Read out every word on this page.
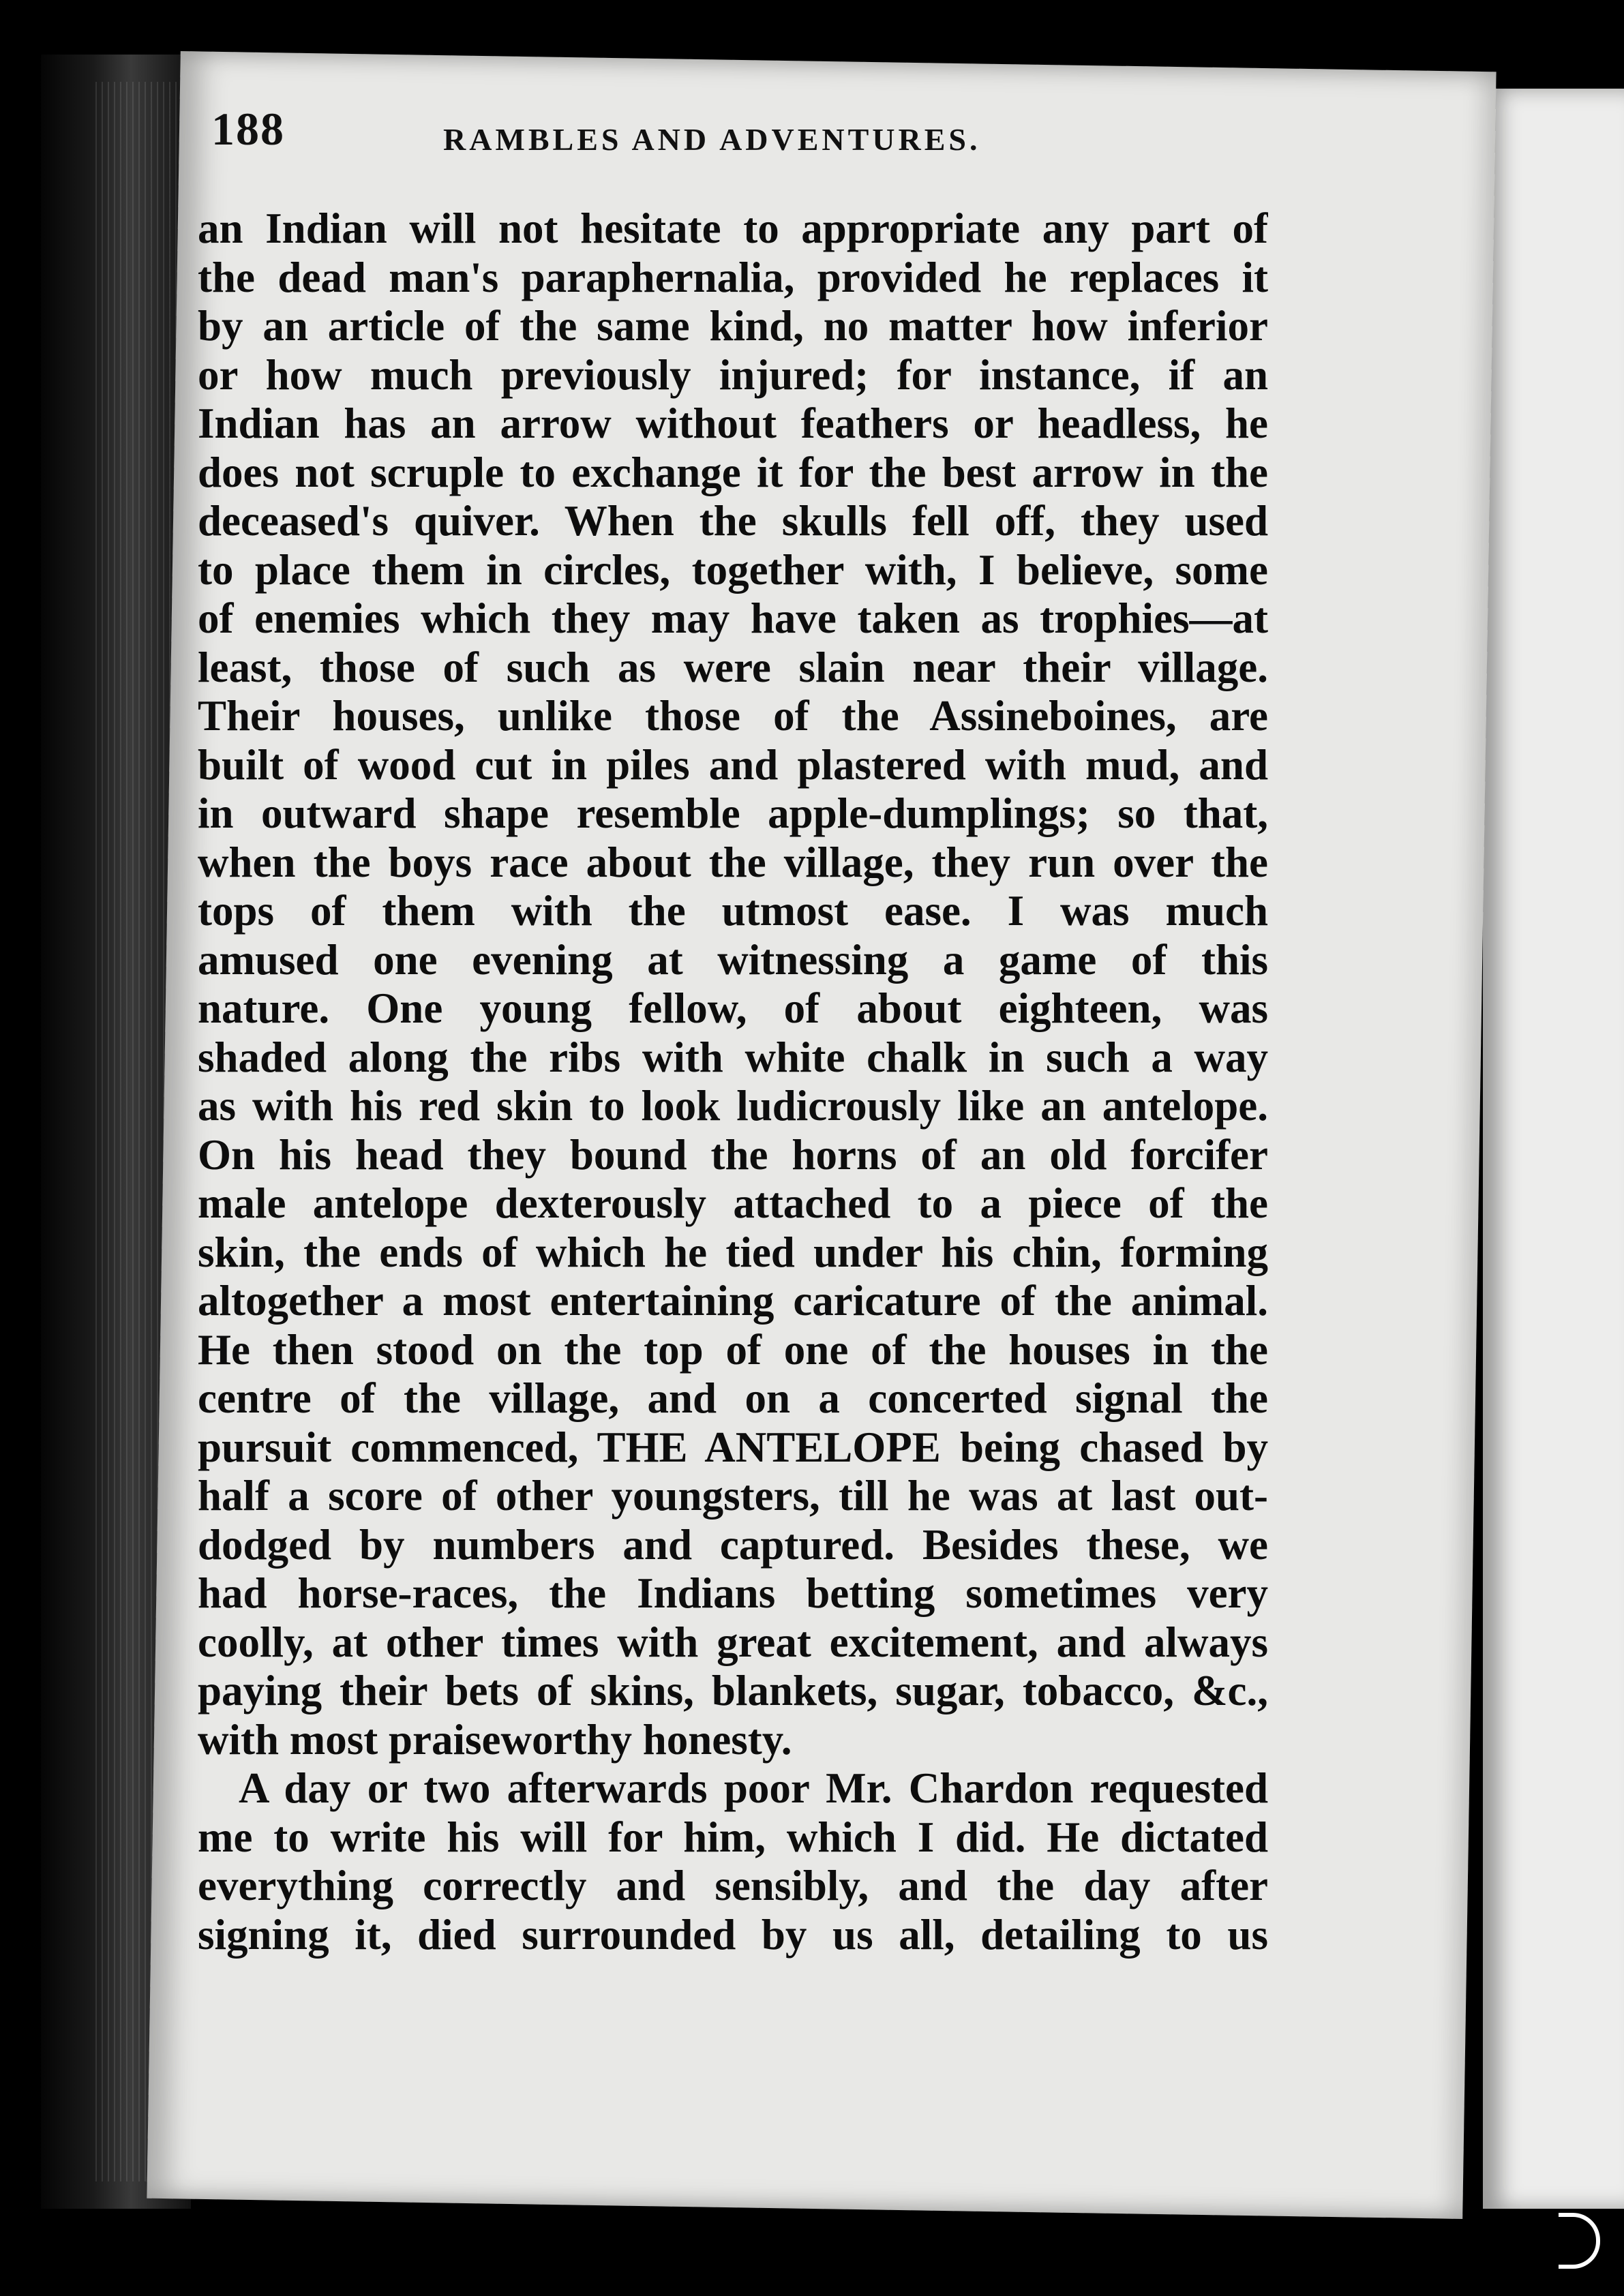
188	RAMBLES AND ADVENTURES.
an Indian will not hesitate to appropriate any part of
the dead man's paraphernalia, provided he replaces it
by an article of the same kind, no matter how inferior
or how much previously injured; for instance, if an
Indian has an arrow without feathers or headless, he
does not scruple to exchange it for the best arrow in the
deceased's quiver. When the skulls fell off, they used
to place them in circles, together with, I believe, some
of enemies which they may have taken as trophies—at
least, those of such as were slain near their village.
Their houses, unlike those of the Assineboines, are
built of wood cut in piles and plastered with mud, and
in outward shape resemble apple-dumplings; so that,
when the boys race about the village, they run over the
tops of them with the utmost ease. I was much
amused one evening at witnessing a game of this
nature. One young fellow, of about eighteen, was
shaded along the ribs with white chalk in such a way
as with his red skin to look ludicrously like an antelope.
On his head they bound the horns of an old forcifer
male antelope dexterously attached to a piece of the
skin, the ends of which he tied under his chin, forming
altogether a most entertaining caricature of the animal.
He then stood on the top of one of the houses in the
centre of the village, and on a concerted signal the
pursuit commenced, THE ANTELOPE being chased by
half a score of other youngsters, till he was at last out-
dodged by numbers and captured. Besides these, we
had horse-races, the Indians betting sometimes very
coolly, at other times with great excitement, and always
paying their bets of skins, blankets, sugar, tobacco, &c.,
with most praiseworthy honesty.
A day or two afterwards poor Mr. Chardon requested
me to write his will for him, which I did. He dictated
everything correctly and sensibly, and the day after
signing it, died surrounded by us all, detailing to us
